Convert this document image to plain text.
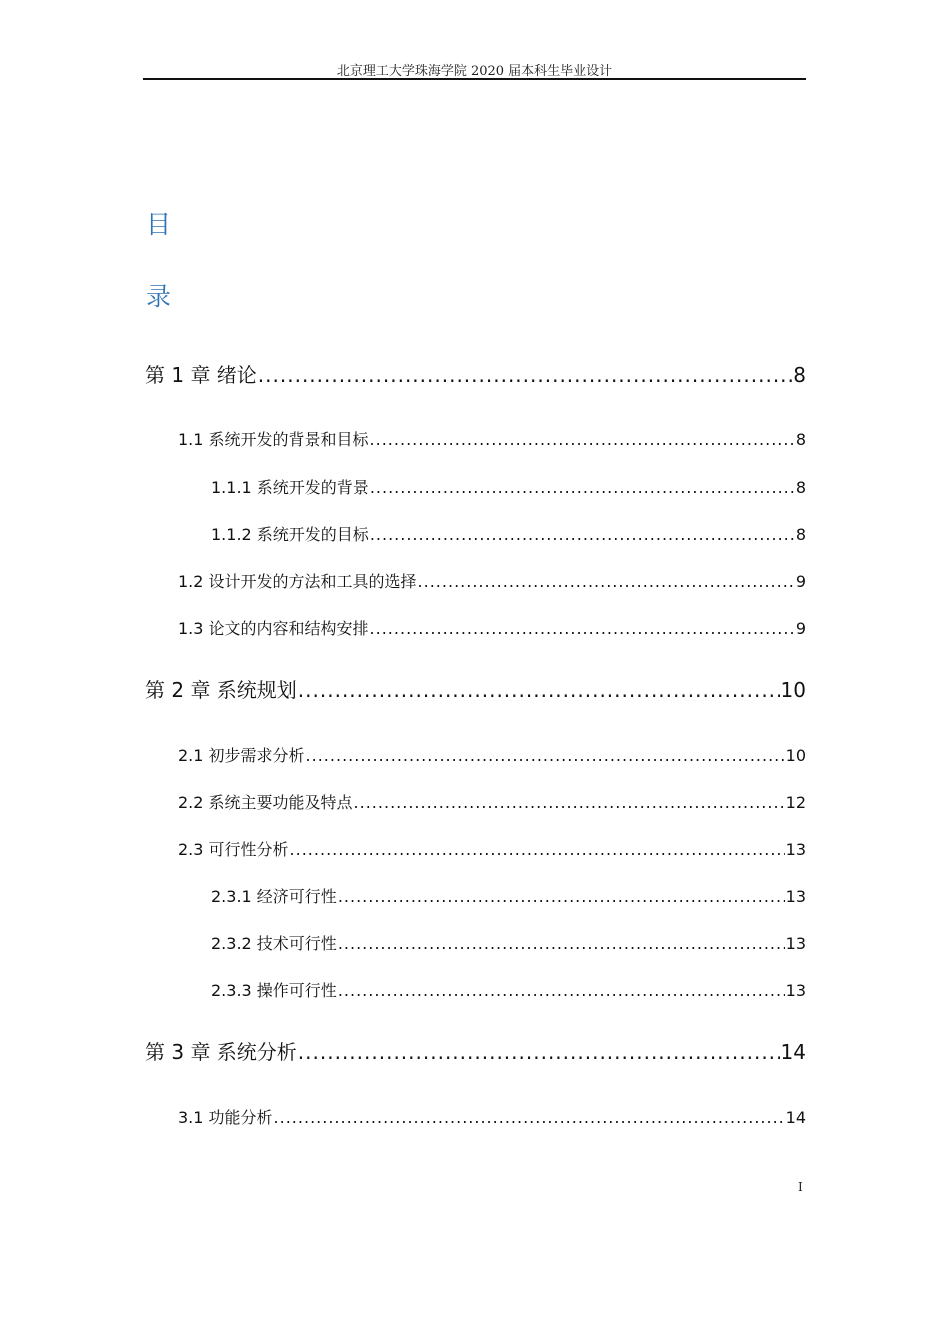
北京理工大学珠海学院 2020 届本科生毕业设计
目
录
第 1 章 绪论 .....	8
1.1 系统开发的背景和目标 .....	8
1.1.1 系统开发的背景 .....	8
1.1.2 系统开发的目标 .....	8
1.2 设计开发的方法和工具的选择 .....	9
1.3 论文的内容和结构安排 .....	9
第 2 章 系统规划 .....	10
2.1 初步需求分析 .....	10
2.2 系统主要功能及特点 .....	12
2.3 可行性分析 .....	13
2.3.1 经济可行性 .....	13
2.3.2 技术可行性 .....	13
2.3.3 操作可行性 .....	13
第 3 章 系统分析 .....	14
3.1 功能分析 .....	14
I
